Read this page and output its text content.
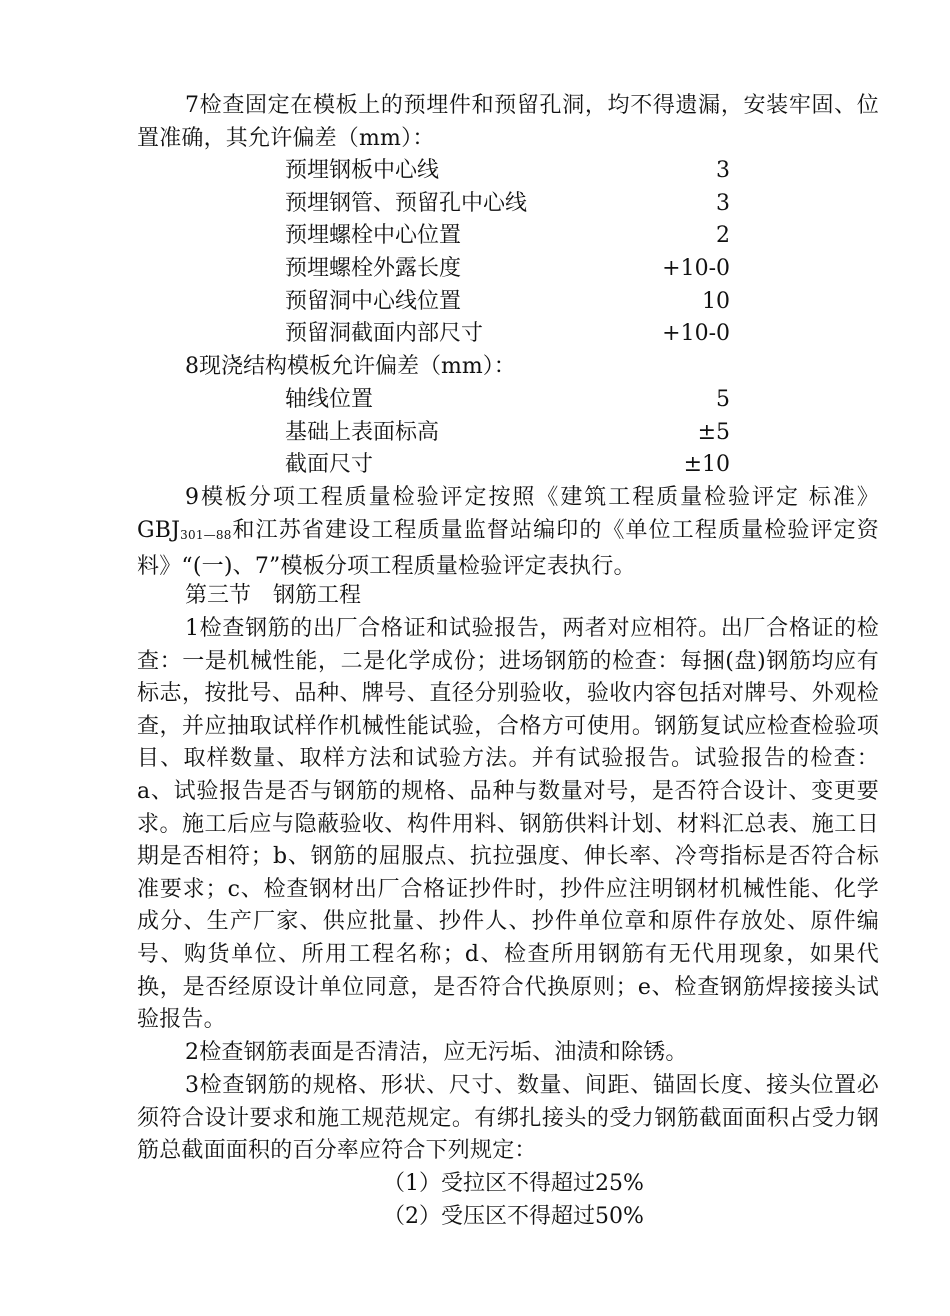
7检查固定在模板上的预埋件和预留孔洞，均不得遗漏，安装牢固、位置准确，其允许偏差（mm）：

预埋钢板中心线	3
预埋钢管、预留孔中心线	3
预埋螺栓中心位置	2
预埋螺栓外露长度	+10-0
预留洞中心线位置	10
预留洞截面内部尺寸	+10-0

8现浇结构模板允许偏差（mm）：

轴线位置	5
基础上表面标高	±5
截面尺寸	±10

9模板分项工程质量检验评定按照《建筑工程质量检验评定 标准》GBJ301—88和江苏省建设工程质量监督站编印的《单位工程质量检验评定资料》“(一)、7”模板分项工程质量检验评定表执行。

第三节　钢筋工程

1检查钢筋的出厂合格证和试验报告，两者对应相符。出厂合格证的检查：一是机械性能，二是化学成份；进场钢筋的检查：每捆(盘)钢筋均应有标志，按批号、品种、牌号、直径分别验收，验收内容包括对牌号、外观检查，并应抽取试样作机械性能试验，合格方可使用。钢筋复试应检查检验项目、取样数量、取样方法和试验方法。并有试验报告。试验报告的检查：a、试验报告是否与钢筋的规格、品种与数量对号，是否符合设计、变更要求。施工后应与隐蔽验收、构件用料、钢筋供料计划、材料汇总表、施工日期是否相符；b、钢筋的屈服点、抗拉强度、伸长率、冷弯指标是否符合标准要求；c、检查钢材出厂合格证抄件时，抄件应注明钢材机械性能、化学成分、生产厂家、供应批量、抄件人、抄件单位章和原件存放处、原件编号、购货单位、所用工程名称；d、检查所用钢筋有无代用现象，如果代换，是否经原设计单位同意，是否符合代换原则；e、检查钢筋焊接接头试验报告。

2检查钢筋表面是否清洁，应无污垢、油渍和除锈。

3检查钢筋的规格、形状、尺寸、数量、间距、锚固长度、接头位置必须符合设计要求和施工规范规定。有绑扎接头的受力钢筋截面面积占受力钢筋总截面面积的百分率应符合下列规定：

（1）受拉区不得超过25%

（2）受压区不得超过50%
